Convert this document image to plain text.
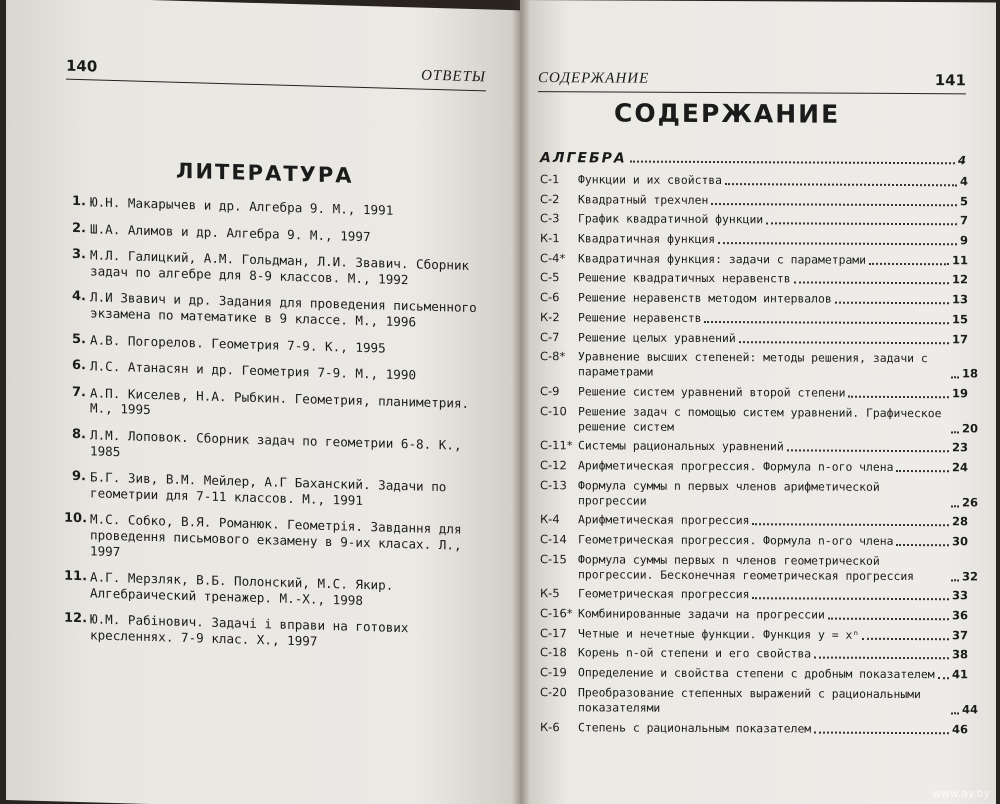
140
ОТВЕТЫ
ЛИТЕРАТУРА
1. Ю.Н. Макарычев и др. Алгебра 9. М., 1991
2. Ш.А. Алимов и др. Алгебра 9. М., 1997
3. М.Л. Галицкий, А.М. Гольдман, Л.И. Звавич. Сборник задач по алгебре для 8-9 классов. М., 1992
4. Л.И Звавич и др. Задания для проведения письменного экзамена по математике в 9 классе. М., 1996
5. А.В. Погорелов. Геометрия 7-9. К., 1995
6. Л.С. Атанасян и др. Геометрия 7-9. М., 1990
7. А.П. Киселев, Н.А. Рыбкин. Геометрия, планиметрия. М., 1995
8. Л.М. Лоповок. Сборник задач по геометрии 6-8. К., 1985
9. Б.Г. Зив, В.М. Мейлер, А.Г Баханский. Задачи по геометрии для 7-11 классов. М., 1991
10. М.С. Собко, В.Я. Романюк. Геометрія. Завдання для проведення письмового екзамену в 9-их класах. Л., 1997
11. А.Г. Мерзляк, В.Б. Полонский, М.С. Якир. Алгебраический тренажер. М.-Х., 1998
12. Ю.М. Рабінович. Задачі і вправи на готових кресленнях. 7-9 клас. Х., 1997
СОДЕРЖАНИЕ	141
СОДЕРЖАНИЕ
АЛГЕБРА	4
С-1	Функции и их свойства	4
С-2	Квадратный трехчлен	5
С-3	График квадратичной функции	7
К-1	Квадратичная функция	9
С-4*	Квадратичная функция: задачи с параметрами	11
С-5	Решение квадратичных неравенств	12
С-6	Решение неравенств методом интервалов	13
К-2	Решение неравенств	15
С-7	Решение целых уравнений	17
С-8*	Уравнение высших степеней: методы решения, задачи с параметрами	18
С-9	Решение систем уравнений второй степени	19
С-10 Решение задач с помощью систем уравнений. Графическое решение систем	20
С-11* Системы рациональных уравнений	23
С-12 Арифметическая прогрессия. Формула n-ого члена	24
С-13 Формула суммы n первых членов арифметической прогрессии	26
К-4	Арифметическая прогрессия	28
С-14 Геометрическая прогрессия. Формула n-ого члена	30
С-15 Формула суммы первых n членов геометрической прогрессии. Бесконечная геометрическая прогрессия	32
К-5	Геометрическая прогрессия	33
С-16* Комбинированные задачи на прогрессии	36
С-17 Четные и нечетные функции. Функция y = xⁿ	37
С-18 Корень n-ой степени и его свойства	38
С-19 Определение и свойства степени с дробным показателем 41
С-20 Преобразование степенных выражений с рациональными показателями	44
К-6	Степень с рациональным показателем	46
www.ay.by
